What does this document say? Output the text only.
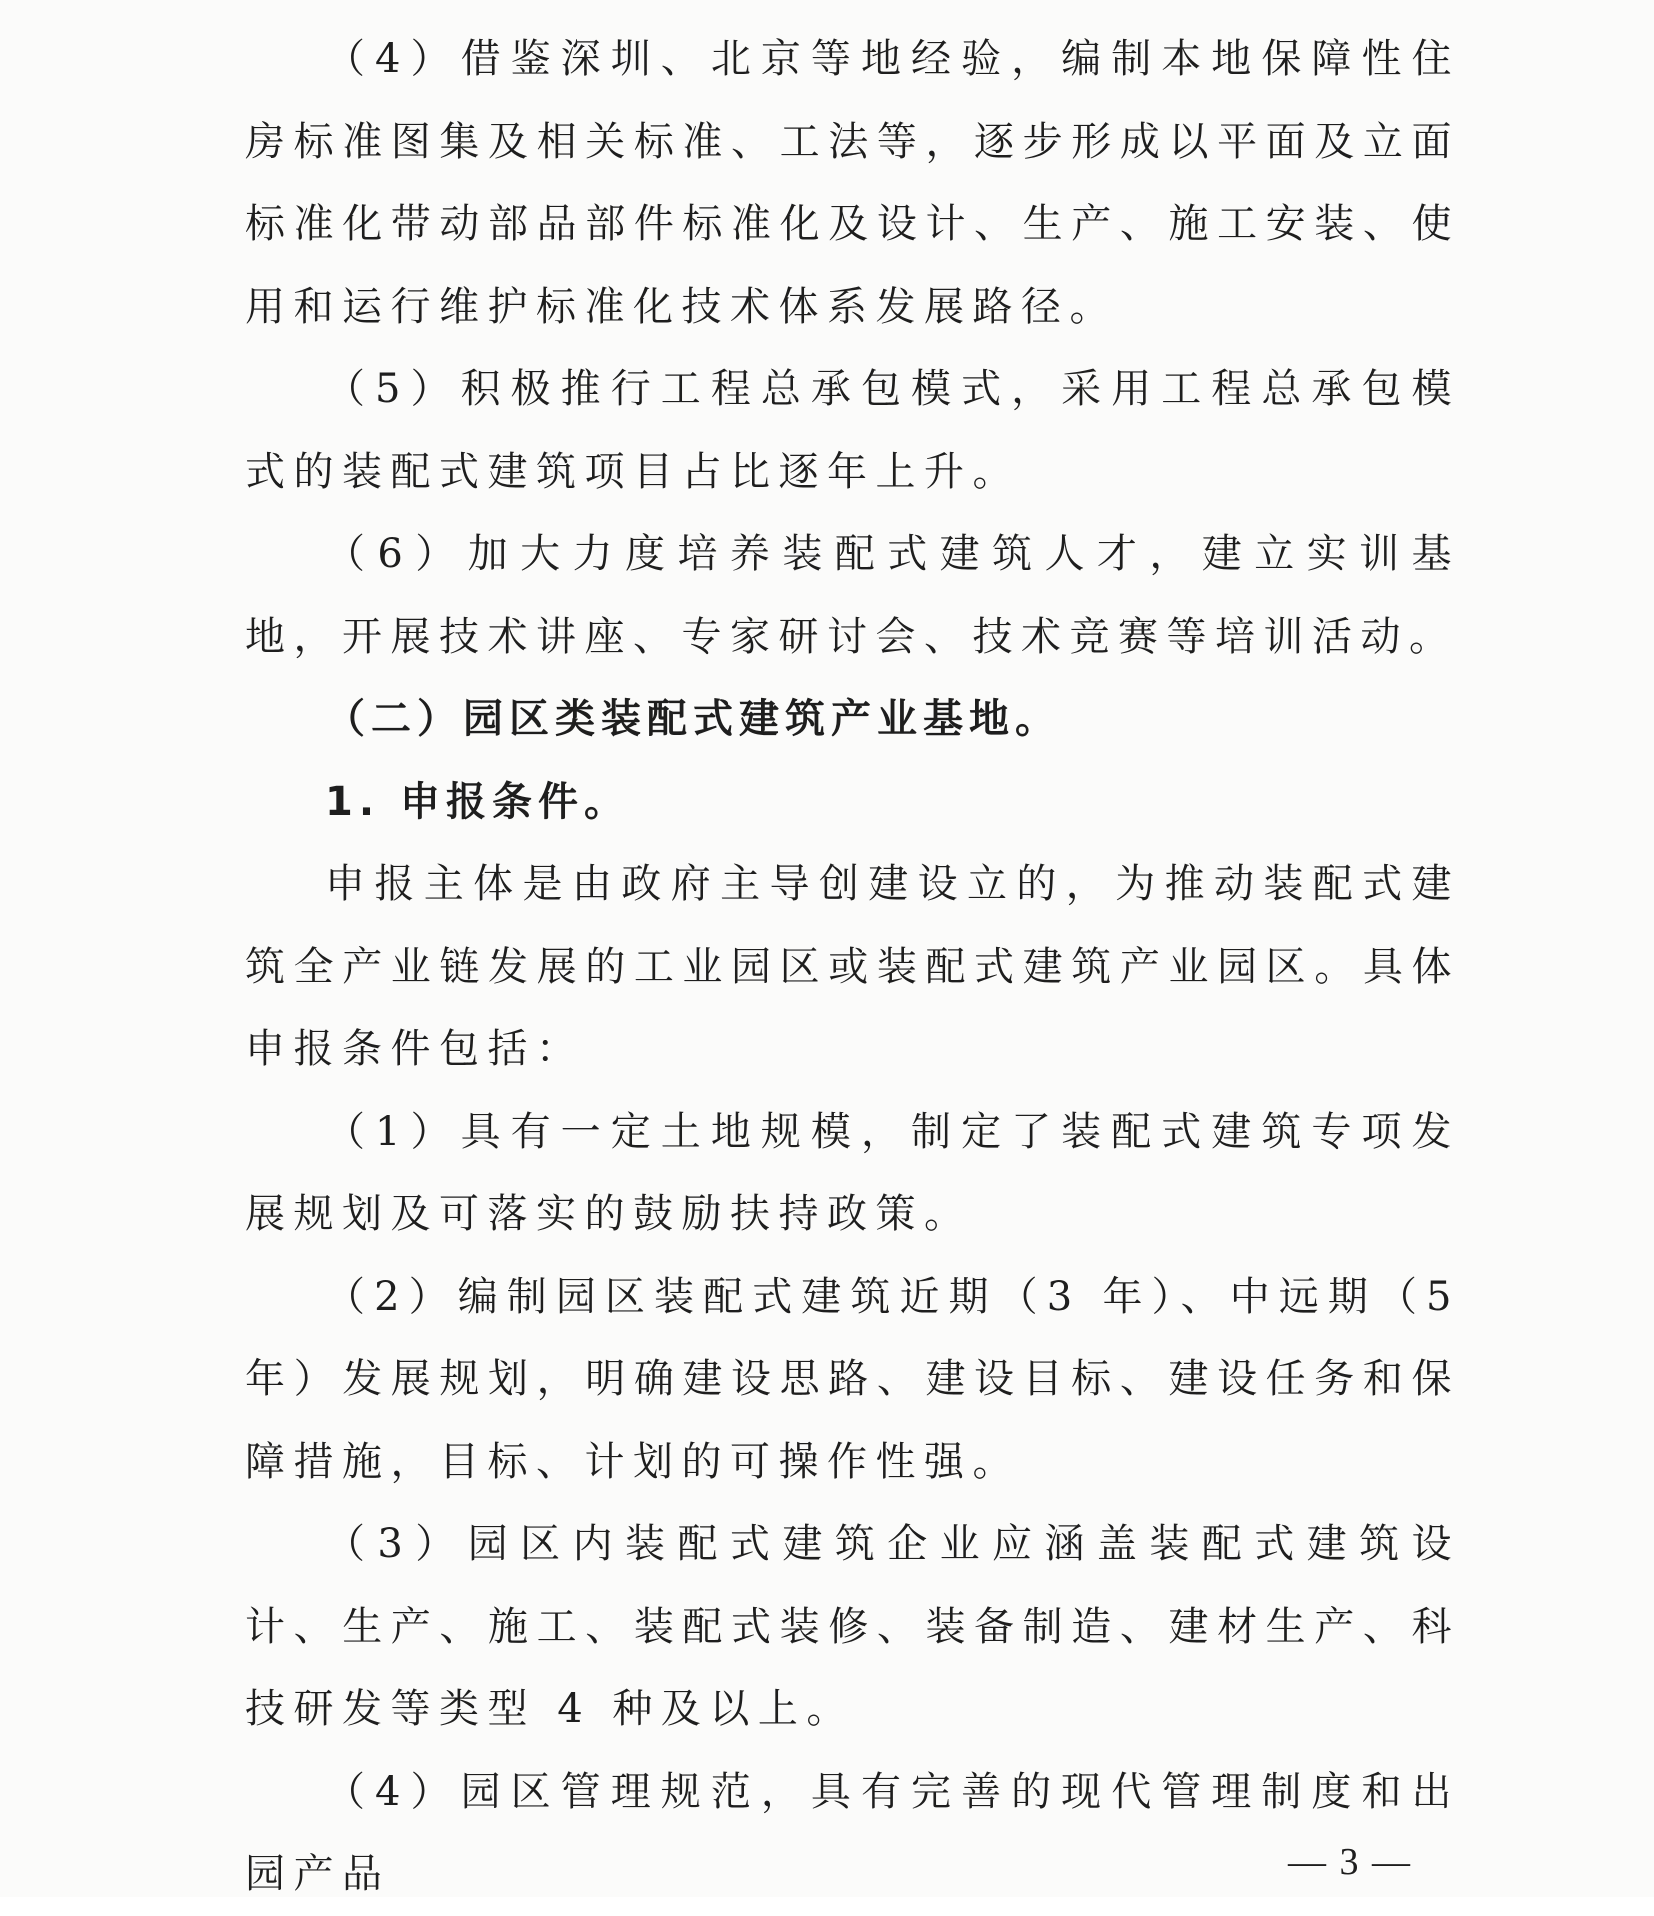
（4）借鉴深圳、北京等地经验，编制本地保障性住房标准图集及相关标准、工法等，逐步形成以平面及立面标准化带动部品部件标准化及设计、生产、施工安装、使用和运行维护标准化技术体系发展路径。

（5）积极推行工程总承包模式，采用工程总承包模式的装配式建筑项目占比逐年上升。

（6）加大力度培养装配式建筑人才，建立实训基地，开展技术讲座、专家研讨会、技术竞赛等培训活动。

（二）园区类装配式建筑产业基地。

1. 申报条件。

申报主体是由政府主导创建设立的，为推动装配式建筑全产业链发展的工业园区或装配式建筑产业园区。具体申报条件包括：

（1）具有一定土地规模，制定了装配式建筑专项发展规划及可落实的鼓励扶持政策。

（2）编制园区装配式建筑近期（3 年）、中远期（5 年）发展规划，明确建设思路、建设目标、建设任务和保障措施，目标、计划的可操作性强。

（3）园区内装配式建筑企业应涵盖装配式建筑设计、生产、施工、装配式装修、装备制造、建材生产、科技研发等类型 4 种及以上。

（4）园区管理规范，具有完善的现代管理制度和出园产品	— 3 —
